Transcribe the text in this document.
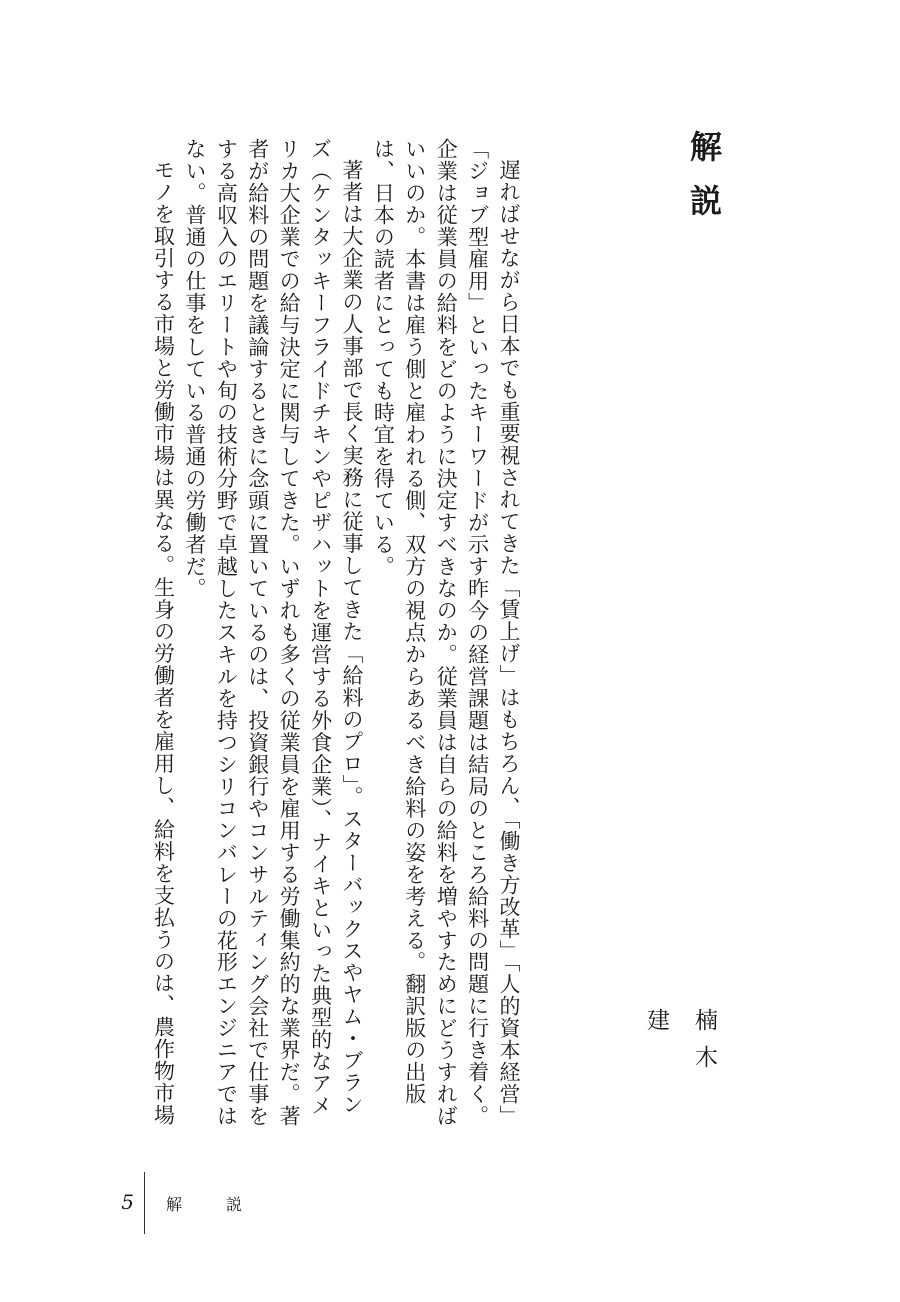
解説
楠木 建

遅ればせながら日本でも重要視されてきた「賃上げ」はもちろん、「働き方改革」「人的資本経営」「ジョブ型雇用」といったキーワードが示す昨今の経営課題は結局のところ給料の問題に行き着く。企業は従業員の給料をどのように決定すべきなのか。従業員は自らの給料を増やすためにどうすればいいのか。本書は雇う側と雇われる側、双方の視点からあるべき給料の姿を考える。翻訳版の出版は、日本の読者にとっても時宜を得ている。

著者は大企業の人事部で長く実務に従事してきた「給料のプロ」。スターバックスやヤム・ブランズ（ケンタッキーフライドチキンやピザハットを運営する外食企業）、ナイキといった典型的なアメリカ大企業での給与決定に関与してきた。いずれも多くの従業員を雇用する労働集約的な業界だ。著者が給料の問題を議論するときに念頭に置いているのは、投資銀行やコンサルティング会社で仕事をする高収入のエリートや旬の技術分野で卓越したスキルを持つシリコンバレーの花形エンジニアではない。普通の仕事をしている普通の労働者だ。

モノを取引する市場と労働市場は異なる。生身の労働者を雇用し、給料を支払うのは、農作物市場

5 解　説
